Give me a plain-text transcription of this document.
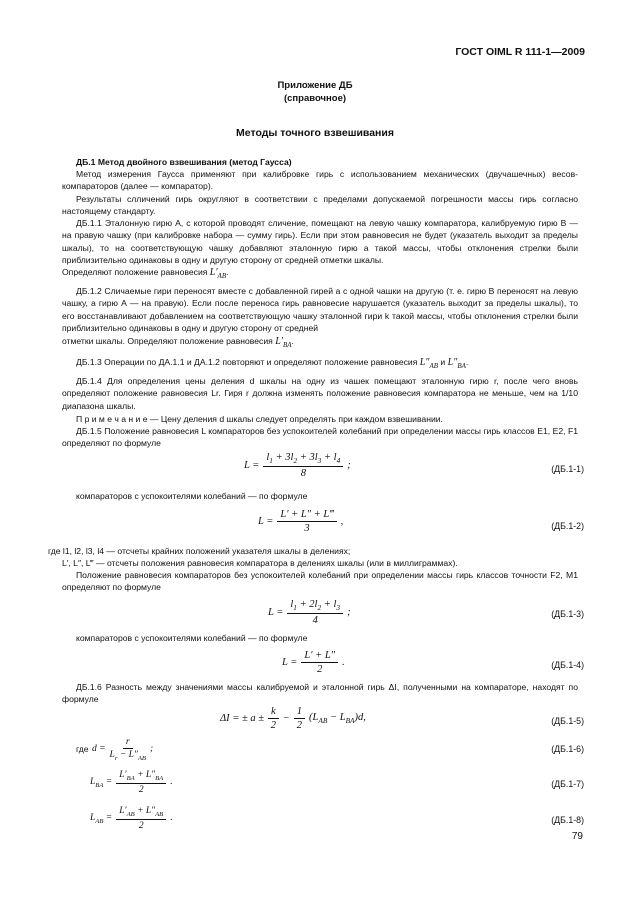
ГОСТ OIML R 111-1—2009
Приложение ДБ
(справочное)
Методы точного взвешивания
ДБ.1 Метод двойного взвешивания (метод Гаусса)
Метод измерения Гаусса применяют при калибровке гирь с использованием механических (двучашечных) весов-компараторов (далее — компаратор).
Результаты слличений гирь округляют в соответствии с пределами допускаемой погрешности массы гирь согласно настоящему стандарту.
ДБ.1.1 Эталонную гирю А, с которой проводят сличение, помещают на левую чашку компаратора, калибруемую гирю В — на правую чашку (при калибровке набора — сумму гирь). Если при этом равновесия не будет (указатель выходит за пределы шкалы), то на соответствующую чашку добавляют эталонную гирю a такой массы, чтобы отклонения стрелки были приблизительно одинаковы в одну и другую сторону от средней отметки шкалы.
Определяют положение равновесия $L'_{AB}$.
ДБ.1.2 Сличаемые гири переносят вместе с добавленной гирей a с одной чашки на другую (т. е. гирю В переносят на левую чашку, а гирю А — на правую). Если после переноса гирь равновесие нарушается (указатель выходит за пределы шкалы), то его восстанавливают добавлением на соответствующую чашку эталонной гири k такой массы, чтобы отклонения стрелки были приблизительно одинаковы в одну и другую сторону от средней
отметки шкалы. Определяют положение равновесия $L'_{BA}$.
ДБ.1.3 Операции по ДА.1.1 и ДА.1.2 повторяют и определяют положение равновесия $L''_{AB}$ и $L''_{BA}$.
ДБ.1.4 Для определения цены деления d шкалы на одну из чашек помещают эталонную гирю r, после чего вновь определяют положение равновесия Lr. Гиря r должна изменять положение равновесия компаратора не меньше, чем на 1/10 диапазона шкалы.
П р и м е ч а н и е — Цену деления d шкалы следует определять при каждом взвешивании.
ДБ.1.5 Положение равновесия L компараторов без успокоителей колебаний при определении массы гирь классов E1, E2, F1 определяют по формуле
$L = \frac{l_1 + 3l_2 + 3l_3 + l_4}{8}$ ;	(ДБ.1-1)
компараторов с успокоителями колебаний — по формуле
$L = \frac{L' + L'' + L‴}{3}$ ,	(ДБ.1-2)
где l1, l2, l3, l4 — отсчеты крайних положений указателя шкалы в делениях;
L′, L″, L‴ — отсчеты положения равновесия компаратора в делениях шкалы (или в миллиграммах).
Положение равновесия компараторов без успокоителей колебаний при определении массы гирь классов точности F2, M1 определяют по формуле
$L = \frac{l_1 + 2l_2 + l_3}{4}$ ;	(ДБ.1-3)
компараторов с успокоителями колебаний — по формуле
$L = \frac{L' + L''}{2}$ .	(ДБ.1-4)
ДБ.1.6 Разность между значениями массы калибруемой и эталонной гирь ΔI, полученными на компараторе, находят по формуле
ΔI = ± $a \pm \frac{k}{2} - \frac{1}{2} (L_{AB} - L_{BA})d$,	(ДБ.1-5)
где $d = \frac{r}{L_r - L''_{AB}}$ ;	(ДБ.1-6)
$L_{BA} = \frac{L'_{BA} + L''_{BA}}{2}$ .	(ДБ.1-7)
$L_{AB} = \frac{L'_{AB} + L''_{AB}}{2}$ .	(ДБ.1-8)
79
